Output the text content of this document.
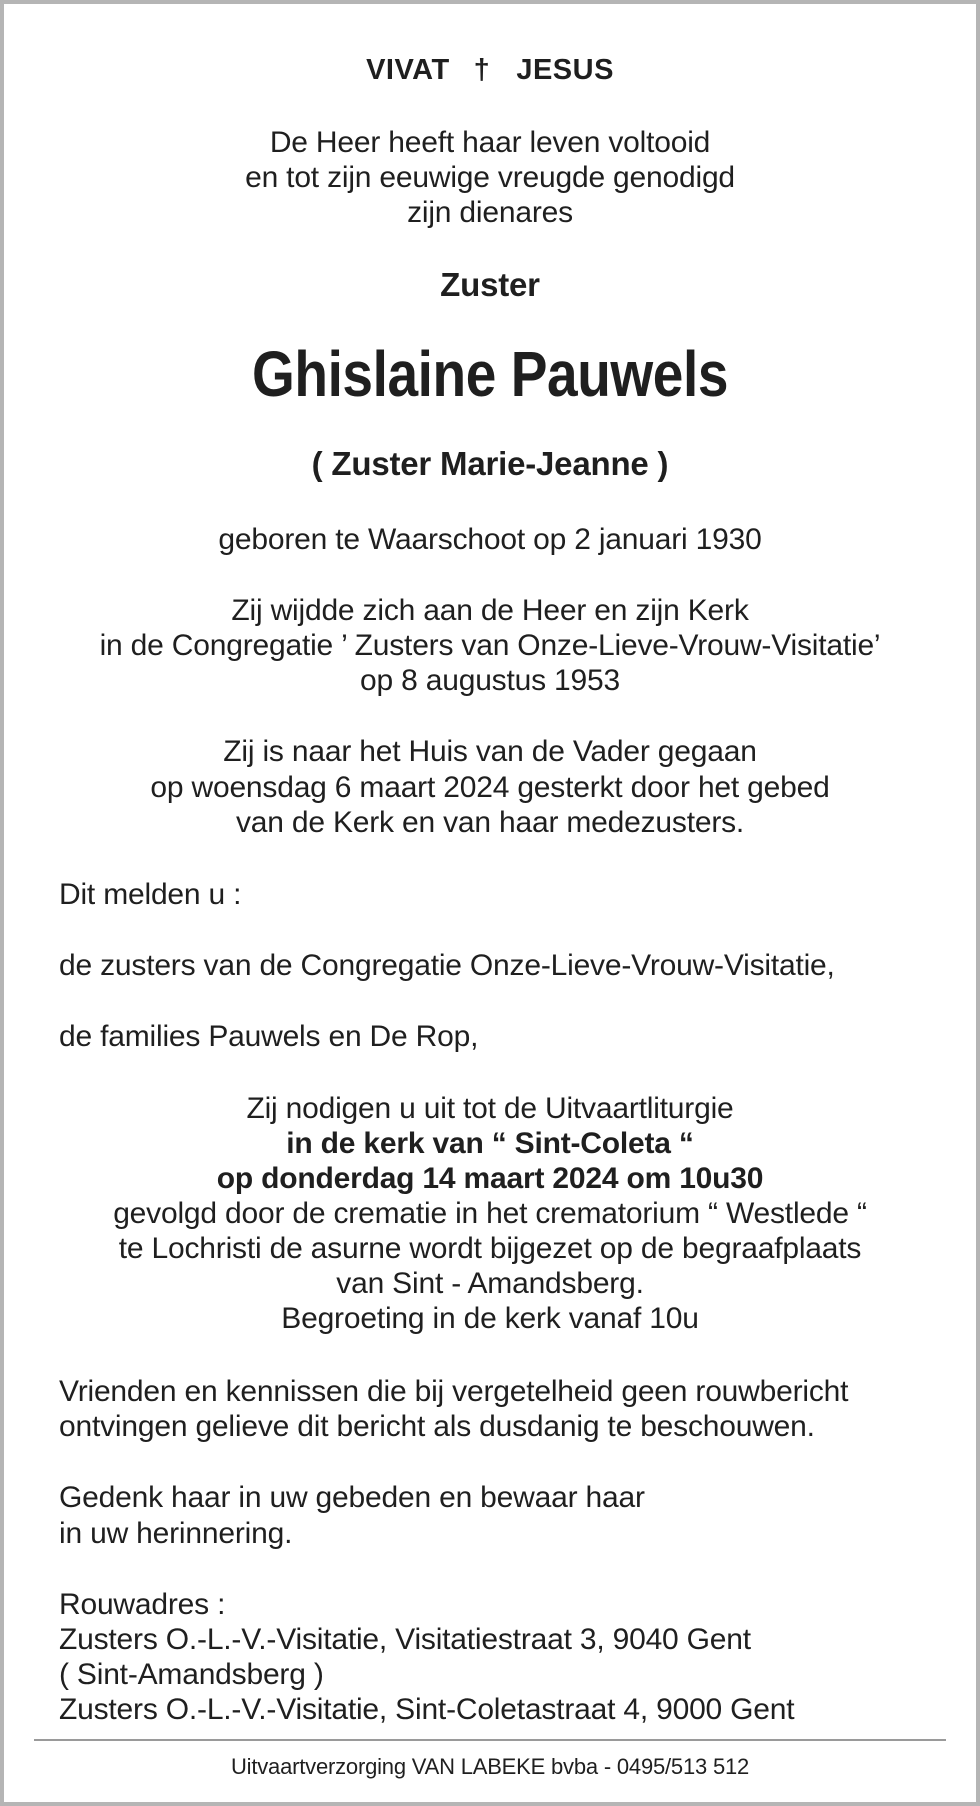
VIVAT † JESUS
De Heer heeft haar leven voltooid
en tot zijn eeuwige vreugde genodigd
zijn dienares
Zuster
Ghislaine Pauwels
( Zuster Marie-Jeanne )
geboren te Waarschoot op 2 januari 1930
Zij wijdde zich aan de Heer en zijn Kerk
in de Congregatie ’ Zusters van Onze-Lieve-Vrouw-Visitatie’
op 8 augustus 1953
Zij is naar het Huis van de Vader gegaan
op woensdag 6 maart 2024 gesterkt door het gebed
van de Kerk en van haar medezusters.
Dit melden u :
de zusters van de Congregatie Onze-Lieve-Vrouw-Visitatie,
de families Pauwels en De Rop,
Zij nodigen u uit tot de Uitvaartliturgie
in de kerk van “ Sint-Coleta “
op donderdag 14 maart 2024 om 10u30
gevolgd door de crematie in het crematorium “ Westlede “
te Lochristi de asurne wordt bijgezet op de begraafplaats
van Sint - Amandsberg.
Begroeting in de kerk vanaf 10u
Vrienden en kennissen die bij vergetelheid geen rouwbericht
ontvingen gelieve dit bericht als dusdanig te beschouwen.
Gedenk haar in uw gebeden en bewaar haar
in uw herinnering.
Rouwadres :
Zusters O.-L.-V.-Visitatie, Visitatiestraat 3, 9040 Gent
( Sint-Amandsberg )
Zusters O.-L.-V.-Visitatie, Sint-Coletastraat 4, 9000 Gent
Uitvaartverzorging VAN LABEKE bvba - 0495/513 512
